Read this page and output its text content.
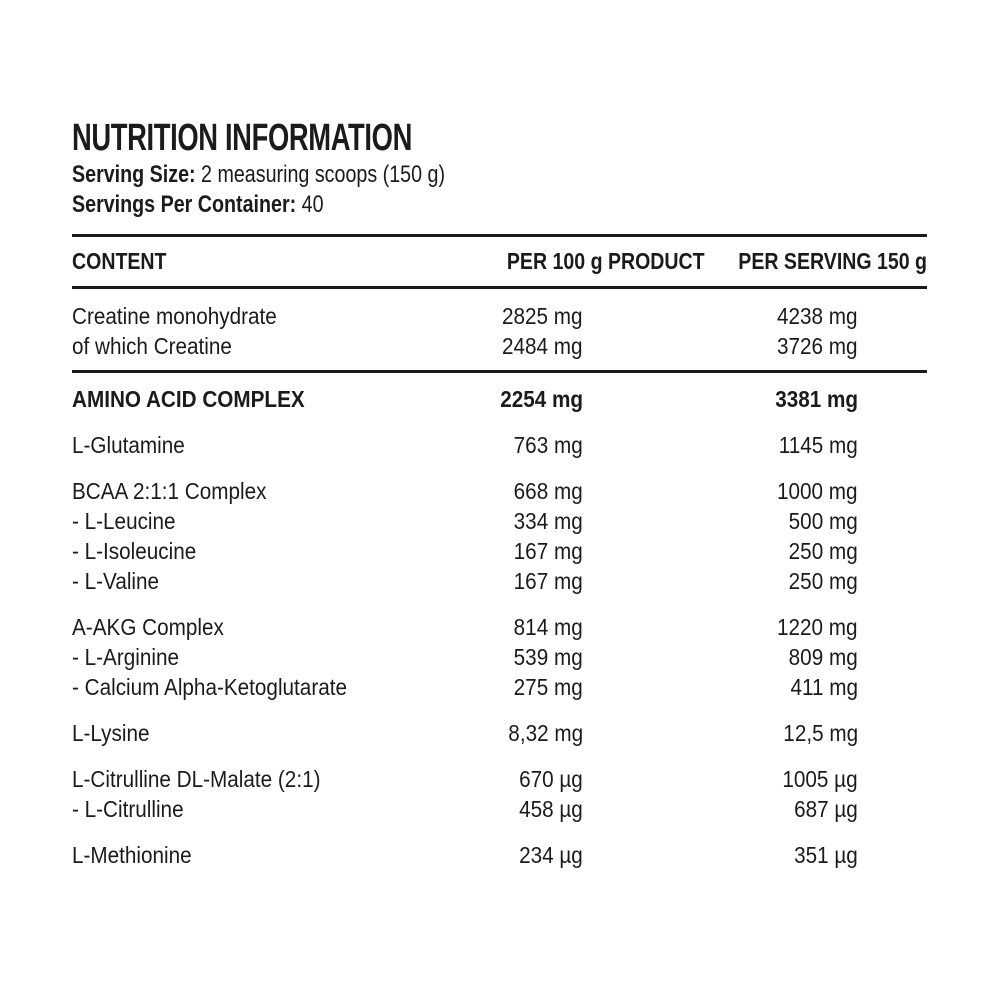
NUTRITION INFORMATION
Serving Size: 2 measuring scoops (150 g)
Servings Per Container: 40
CONTENT	PER 100 g PRODUCT	PER SERVING 150 g
Creatine monohydrate	2825 mg	4238 mg
of which Creatine	2484 mg	3726 mg
AMINO ACID COMPLEX	2254 mg	3381 mg
L-Glutamine	763 mg	1145 mg
BCAA 2:1:1 Complex	668 mg	1000 mg
- L-Leucine	334 mg	500 mg
- L-Isoleucine	167 mg	250 mg
- L-Valine	167 mg	250 mg
A-AKG Complex	814 mg	1220 mg
- L-Arginine	539 mg	809 mg
- Calcium Alpha-Ketoglutarate	275 mg	411 mg
L-Lysine	8,32 mg	12,5 mg
L-Citrulline DL-Malate (2:1)	670 µg	1005 µg
- L-Citrulline	458 µg	687 µg
L-Methionine	234 µg	351 µg
